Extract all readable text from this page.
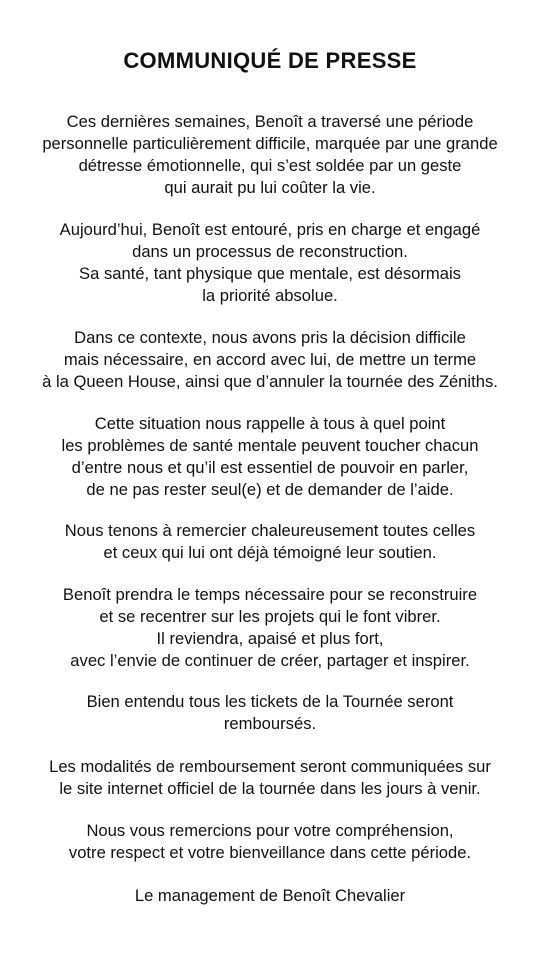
COMMUNIQUÉ DE PRESSE

Ces dernières semaines, Benoît a traversé une période
personnelle particulièrement difficile, marquée par une grande
détresse émotionnelle, qui s’est soldée par un geste
qui aurait pu lui coûter la vie.

Aujourd’hui, Benoît est entouré, pris en charge et engagé
dans un processus de reconstruction.
Sa santé, tant physique que mentale, est désormais
la priorité absolue.

Dans ce contexte, nous avons pris la décision difficile
mais nécessaire, en accord avec lui, de mettre un terme
à la Queen House, ainsi que d’annuler la tournée des Zéniths.

Cette situation nous rappelle à tous à quel point
les problèmes de santé mentale peuvent toucher chacun
d’entre nous et qu’il est essentiel de pouvoir en parler,
de ne pas rester seul(e) et de demander de l’aide.

Nous tenons à remercier chaleureusement toutes celles
et ceux qui lui ont déjà témoigné leur soutien.

Benoît prendra le temps nécessaire pour se reconstruire
et se recentrer sur les projets qui le font vibrer.
Il reviendra, apaisé et plus fort,
avec l’envie de continuer de créer, partager et inspirer.

Bien entendu tous les tickets de la Tournée seront
remboursés.

Les modalités de remboursement seront communiquées sur
le site internet officiel de la tournée dans les jours à venir.

Nous vous remercions pour votre compréhension,
votre respect et votre bienveillance dans cette période.

Le management de Benoît Chevalier
